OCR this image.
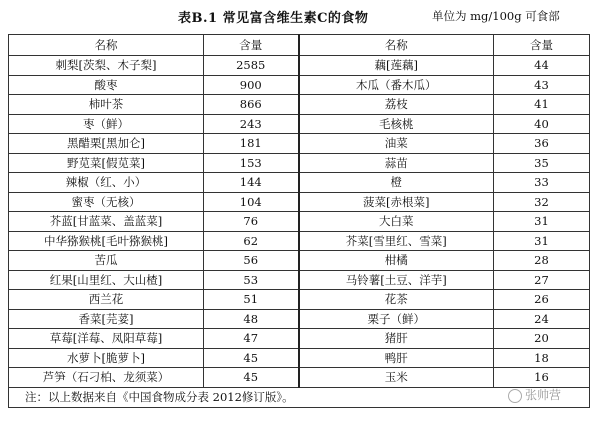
表B.1 常见富含维生素C的食物	单位为 mg/100g 可食部
名称	含量	名称	含量
刺梨[茨梨、木子梨]	2585	藕[莲藕]	44
酸枣	900	木瓜（番木瓜）	43
柿叶茶	866	荔枝	41
枣（鲜）	243	毛核桃	40
黑醋栗[黑加仑]	181	油菜	36
野苋菜[假苋菜]	153	蒜苗	35
辣椒（红、小）	144	橙	33
蜜枣（无核）	104	菠菜[赤根菜]	32
芥蓝[甘蓝菜、盖蓝菜]	76	大白菜	31
中华猕猴桃[毛叶猕猴桃]	62	芥菜[雪里红、雪菜]	31
苦瓜	56	柑橘	28
红果[山里红、大山楂]	53	马铃薯[土豆、洋芋]	27
西兰花	51	花茶	26
香菜[芫荽]	48	栗子（鲜）	24
草莓[洋莓、凤阳草莓]	47	猪肝	20
水萝卜[脆萝卜]	45	鸭肝	18
芦笋（石刁柏、龙须菜）	45	玉米	16
注：以上数据来自《中国食物成分表 2012修订版》。				张帅营
